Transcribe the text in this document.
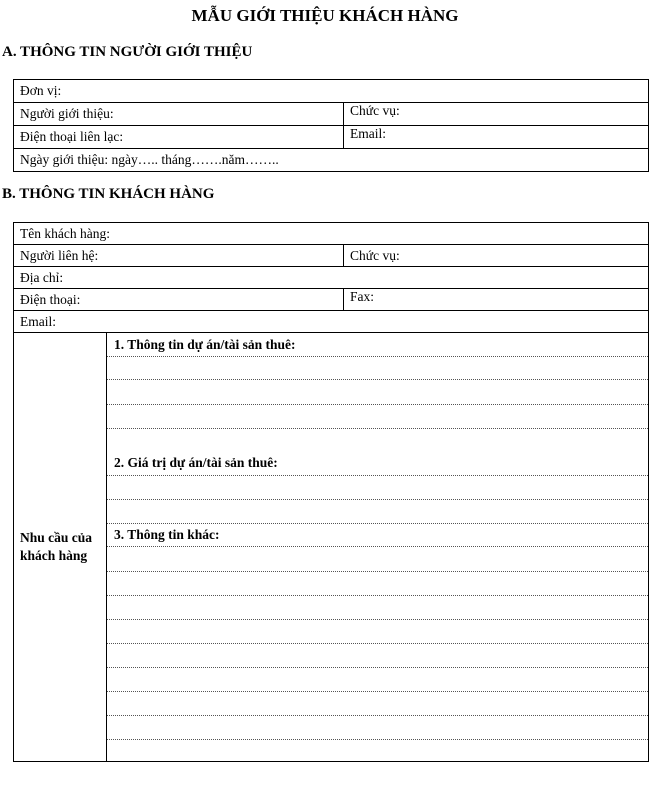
MẪU GIỚI THIỆU KHÁCH HÀNG
A. THÔNG TIN NGƯỜI GIỚI THIỆU
Đơn vị:	
Người giới thiệu:	Chức vụ:
Điện thoại liên lạc:	Email:
Ngày giới thiệu: ngày….. tháng…….năm……..	
B. THÔNG TIN KHÁCH HÀNG
Tên khách hàng:		
Người liên hệ:		Chức vụ:
Địa chỉ:		
Điện thoại:		Fax:
Email:		
Nhu cầu của khách hàng	1. Thông tin dự án/tài sản thuê:
2. Giá trị dự án/tài sản thuê:
3. Thông tin khác:	
